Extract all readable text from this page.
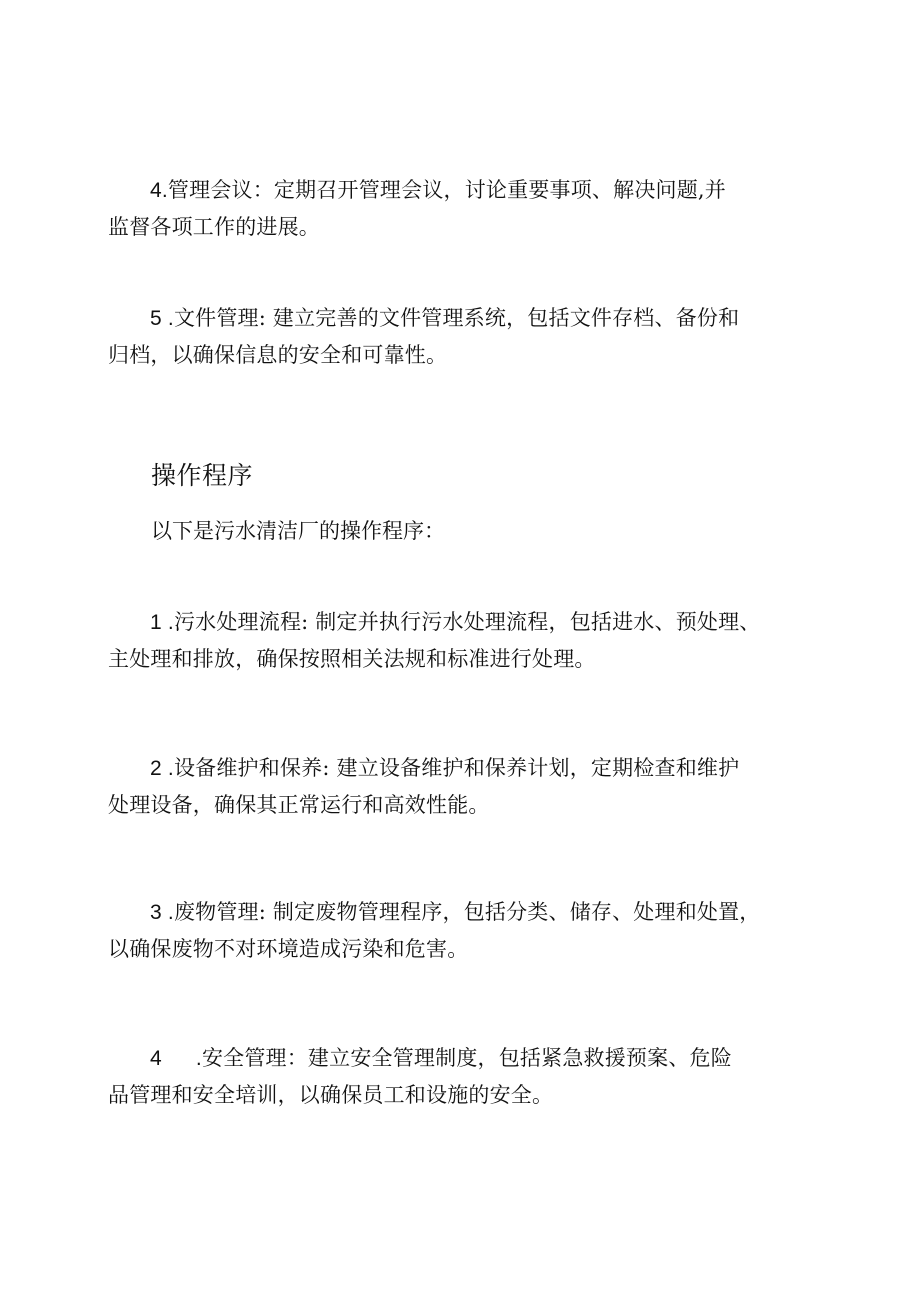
4.管理会议：定期召开管理会议，讨论重要事项、解决问题,并
监督各项工作的进展。
5 .文件管理: 建立完善的文件管理系统，包括文件存档、备份和
归档，以确保信息的安全和可靠性。
操作程序

以下是污水清洁厂的操作程序：

1 .污水处理流程: 制定并执行污水处理流程，包括进水、预处理、
主处理和排放，确保按照相关法规和标准进行处理。
2 .设备维护和保养: 建立设备维护和保养计划，定期检查和维护
处理设备，确保其正常运行和高效性能。
3 .废物管理: 制定废物管理程序，包括分类、储存、处理和处置，
以确保废物不对环境造成污染和危害。
4 .安全管理：建立安全管理制度，包括紧急救援预案、危险
品管理和安全培训，以确保员工和设施的安全。
